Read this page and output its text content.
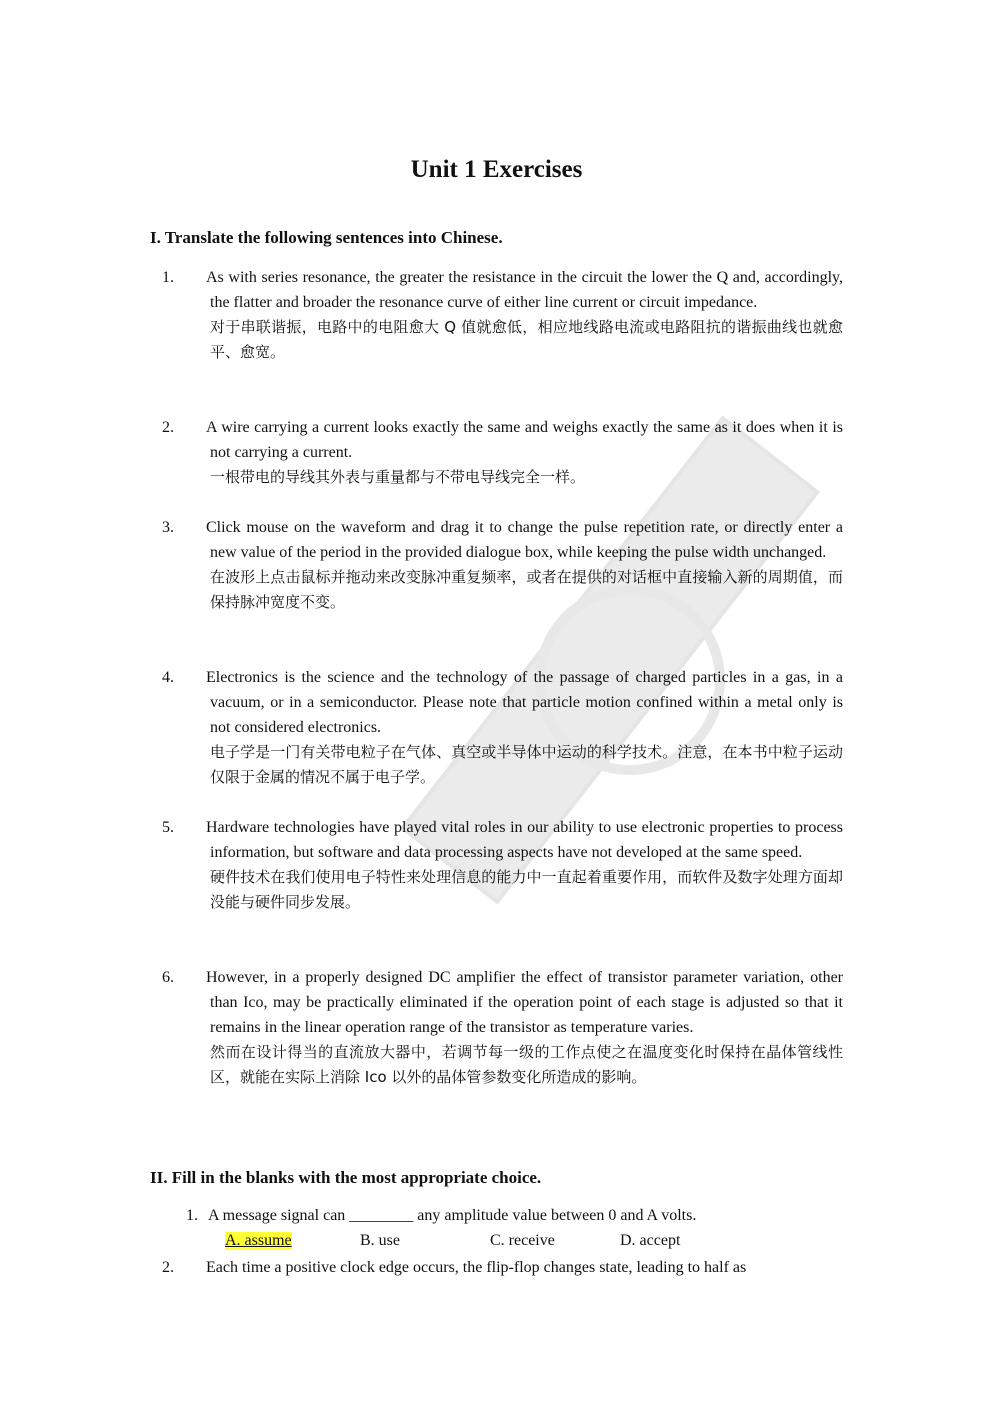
Unit 1 Exercises
I. Translate the following sentences into Chinese.
1. As with series resonance, the greater the resistance in the circuit the lower the Q and, accordingly, the flatter and broader the resonance curve of either line current or circuit impedance.
对于串联谐振，电路中的电阻愈大 Q 值就愈低，相应地线路电流或电路阻抗的谐振曲线也就愈平、愈宽。
2. A wire carrying a current looks exactly the same and weighs exactly the same as it does when it is not carrying a current.
一根带电的导线其外表与重量都与不带电导线完全一样。
3. Click mouse on the waveform and drag it to change the pulse repetition rate, or directly enter a new value of the period in the provided dialogue box, while keeping the pulse width unchanged.
在波形上点击鼠标并拖动来改变脉冲重复频率，或者在提供的对话框中直接输入新的周期值，而保持脉冲宽度不变。
4. Electronics is the science and the technology of the passage of charged particles in a gas, in a vacuum, or in a semiconductor. Please note that particle motion confined within a metal only is not considered electronics.
电子学是一门有关带电粒子在气体、真空或半导体中运动的科学技术。注意，在本书中粒子运动仅限于金属的情况不属于电子学。
5. Hardware technologies have played vital roles in our ability to use electronic properties to process information, but software and data processing aspects have not developed at the same speed.
硬件技术在我们使用电子特性来处理信息的能力中一直起着重要作用，而软件及数字处理方面却没能与硬件同步发展。
6. However, in a properly designed DC amplifier the effect of transistor parameter variation, other than Ico, may be practically eliminated if the operation point of each stage is adjusted so that it remains in the linear operation range of the transistor as temperature varies.
然而在设计得当的直流放大器中，若调节每一级的工作点使之在温度变化时保持在晶体管线性区，就能在实际上消除 Ico 以外的晶体管参数变化所造成的影响。
II. Fill in the blanks with the most appropriate choice.
1. A message signal can ________ any amplitude value between 0 and A volts.
A. assume	B. use	C. receive	D. accept
2. Each time a positive clock edge occurs, the flip-flop changes state, leading to half as
